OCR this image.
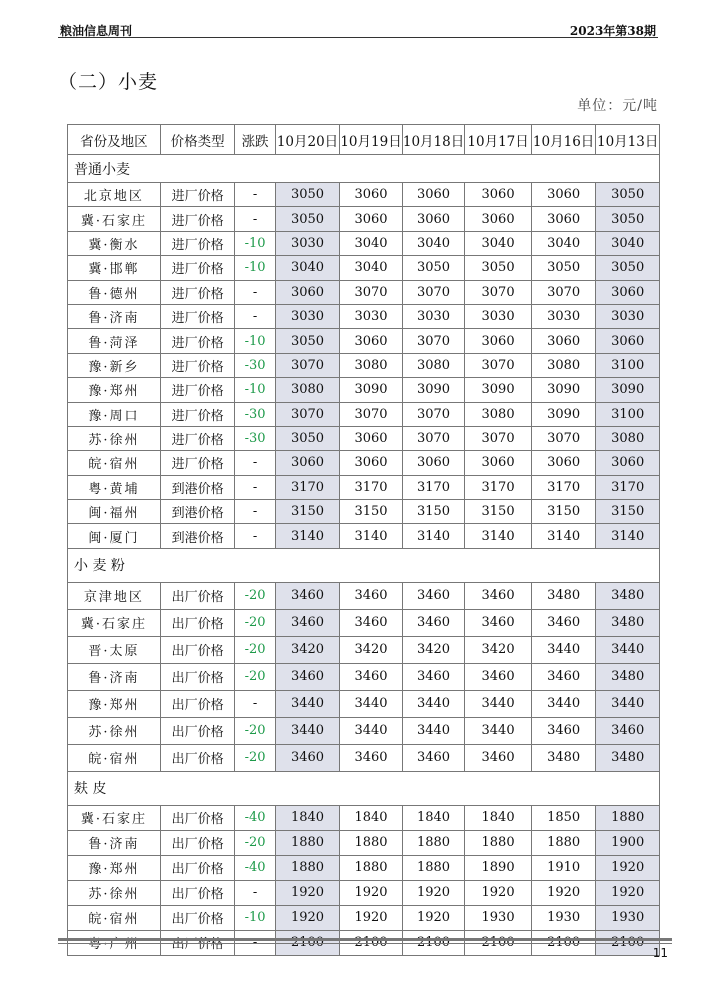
粮油信息周刊	2023年第38期
（二）小麦
单位：元/吨
省份及地区	价格类型	涨跌	10月20日	10月19日	10月18日	10月17日	10月16日	10月13日
普通小麦								
北京地区	进厂价格	-	3050	3060	3060	3060	3060	3050
冀·石家庄	进厂价格	-	3050	3060	3060	3060	3060	3050
冀·衡水	进厂价格	-10	3030	3040	3040	3040	3040	3040
冀·邯郸	进厂价格	-10	3040	3040	3050	3050	3050	3050
鲁·德州	进厂价格	-	3060	3070	3070	3070	3070	3060
鲁·济南	进厂价格	-	3030	3030	3030	3030	3030	3030
鲁·菏泽	进厂价格	-10	3050	3060	3070	3060	3060	3060
豫·新乡	进厂价格	-30	3070	3080	3080	3070	3080	3100
豫·郑州	进厂价格	-10	3080	3090	3090	3090	3090	3090
豫·周口	进厂价格	-30	3070	3070	3070	3080	3090	3100
苏·徐州	进厂价格	-30	3050	3060	3070	3070	3070	3080
皖·宿州	进厂价格	-	3060	3060	3060	3060	3060	3060
粤·黄埔	到港价格	-	3170	3170	3170	3170	3170	3170
闽·福州	到港价格	-	3150	3150	3150	3150	3150	3150
闽·厦门	到港价格	-	3140	3140	3140	3140	3140	3140
小 麦 粉								
京津地区	出厂价格	-20	3460	3460	3460	3460	3480	3480
冀·石家庄	出厂价格	-20	3460	3460	3460	3460	3460	3480
晋·太原	出厂价格	-20	3420	3420	3420	3420	3440	3440
鲁·济南	出厂价格	-20	3460	3460	3460	3460	3460	3480
豫·郑州	出厂价格	-	3440	3440	3440	3440	3440	3440
苏·徐州	出厂价格	-20	3440	3440	3440	3440	3460	3460
皖·宿州	出厂价格	-20	3460	3460	3460	3460	3480	3480
麸 皮								
冀·石家庄	出厂价格	-40	1840	1840	1840	1840	1850	1880
鲁·济南	出厂价格	-20	1880	1880	1880	1880	1880	1900
豫·郑州	出厂价格	-40	1880	1880	1880	1890	1910	1920
苏·徐州	出厂价格	-	1920	1920	1920	1920	1920	1920
皖·宿州	出厂价格	-10	1920	1920	1920	1930	1930	1930
粤·广州	出厂价格	-	2100	2100	2100	2100	2100	2100
11
